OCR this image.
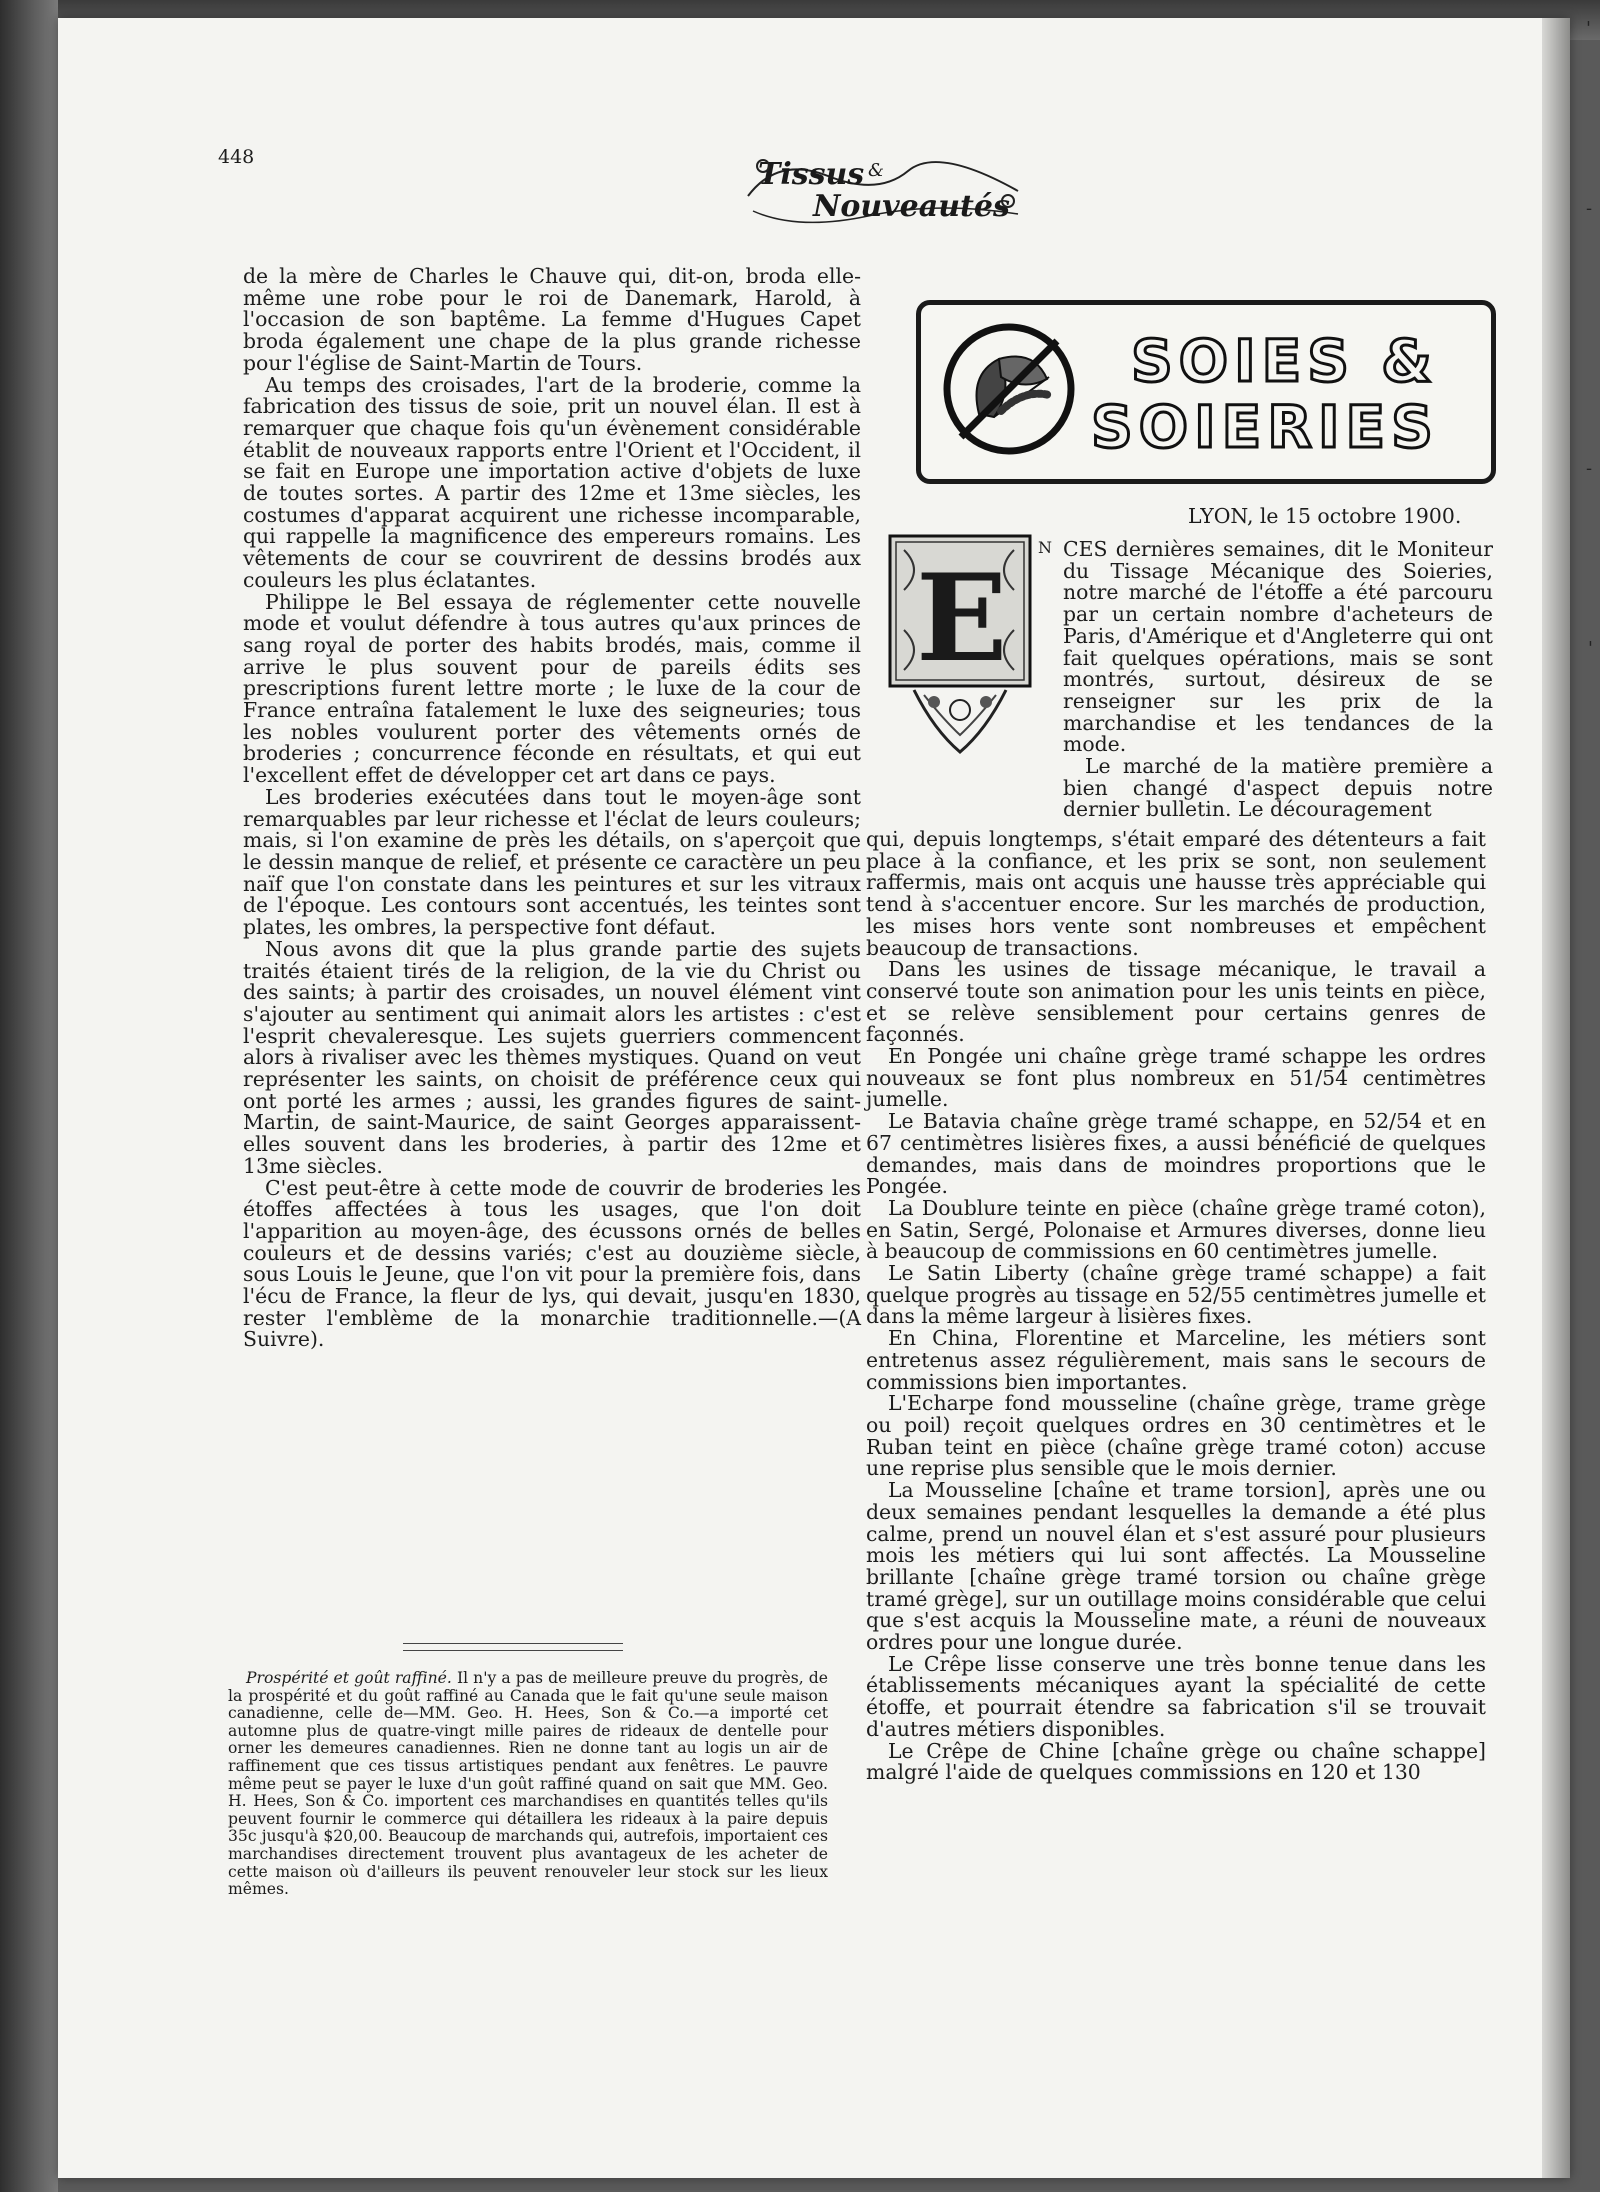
448	Tissus &
Nouveautés

de la mère de Charles le Chauve qui, dit-on, broda elle-même une robe pour le roi de Danemark, Harold, à l'occasion de son baptême. La femme d'Hugues Capet broda également une chape de la plus grande richesse pour l'église de Saint-Martin de Tours.

Au temps des croisades, l'art de la broderie, comme la fabrication des tissus de soie, prit un nouvel élan. Il est à remarquer que chaque fois qu'un évènement considérable établit de nouveaux rapports entre l'Orient et l'Occident, il se fait en Europe une importation active d'objets de luxe de toutes sortes. A partir des 12me et 13me siècles, les costumes d'apparat acquirent une richesse incomparable, qui rappelle la magnificence des empereurs romains. Les vêtements de cour se couvrirent de dessins brodés aux couleurs les plus éclatantes.

Philippe le Bel essaya de réglementer cette nouvelle mode et voulut défendre à tous autres qu'aux princes de sang royal de porter des habits brodés, mais, comme il arrive le plus souvent pour de pareils édits ses prescriptions furent lettre morte ; le luxe de la cour de France entraîna fatalement le luxe des seigneuries; tous les nobles voulurent porter des vêtements ornés de broderies ; concurrence féconde en résultats, et qui eut l'excellent effet de développer cet art dans ce pays.

Les broderies exécutées dans tout le moyen-âge sont remarquables par leur richesse et l'éclat de leurs couleurs; mais, si l'on examine de près les détails, on s'aperçoit que le dessin manque de relief, et présente ce caractère un peu naïf que l'on constate dans les peintures et sur les vitraux de l'époque. Les contours sont accentués, les teintes sont plates, les ombres, la perspective font défaut.

Nous avons dit que la plus grande partie des sujets traités étaient tirés de la religion, de la vie du Christ ou des saints; à partir des croisades, un nouvel élément vint s'ajouter au sentiment qui animait alors les artistes : c'est l'esprit chevaleresque. Les sujets guerriers commencent alors à rivaliser avec les thèmes mystiques. Quand on veut représenter les saints, on choisit de préférence ceux qui ont porté les armes ; aussi, les grandes figures de saint-Martin, de saint-Maurice, de saint Georges apparaissent-elles souvent dans les broderies, à partir des 12me et 13me siècles.

C'est peut-être à cette mode de couvrir de broderies les étoffes affectées à tous les usages, que l'on doit l'apparition au moyen-âge, des écussons ornés de belles couleurs et de dessins variés; c'est au douzième siècle, sous Louis le Jeune, que l'on vit pour la première fois, dans l'écu de France, la fleur de lys, qui devait, jusqu'en 1830, rester l'emblème de la monarchie traditionnelle.—(A Suivre).

Prospérité et goût raffiné. Il n'y a pas de meilleure preuve du progrès, de la prospérité et du goût raffiné au Canada que le fait qu'une seule maison canadienne, celle de—MM. Geo. H. Hees, Son & Co.—a importé cet automne plus de quatre-vingt mille paires de rideaux de dentelle pour orner les demeures canadiennes. Rien ne donne tant au logis un air de raffinement que ces tissus artistiques pendant aux fenêtres. Le pauvre même peut se payer le luxe d'un goût raffiné quand on sait que MM. Geo. H. Hees, Son & Co. importent ces marchandises en quantités telles qu'ils peuvent fournir le commerce qui détaillera les rideaux à la paire depuis 35c jusqu'à $20,00. Beaucoup de marchands qui, autrefois, importaient ces marchandises directement trouvent plus avantageux de les acheter de cette maison où d'ailleurs ils peuvent renouveler leur stock sur les lieux mêmes.

SOIES &
SOIERIES
LYON, le 15 octobre 1900.
E
N CES dernières semaines, dit le Moniteur du Tissage Mécanique des Soieries, notre marché de l'étoffe a été parcouru par un certain nombre d'acheteurs de Paris, d'Amérique et d'Angleterre qui ont fait quelques opérations, mais se sont montrés, surtout, désireux de se renseigner sur les prix de la marchandise et les tendances de la mode.

Le marché de la matière première a bien changé d'aspect depuis notre dernier bulletin. Le découragement

qui, depuis longtemps, s'était emparé des détenteurs a fait place à la confiance, et les prix se sont, non seulement raffermis, mais ont acquis une hausse très appréciable qui tend à s'accentuer encore. Sur les marchés de production, les mises hors vente sont nombreuses et empêchent beaucoup de transactions.

Dans les usines de tissage mécanique, le travail a conservé toute son animation pour les unis teints en pièce, et se relève sensiblement pour certains genres de façonnés.

En Pongée uni chaîne grège tramé schappe les ordres nouveaux se font plus nombreux en 51/54 centimètres jumelle.

Le Batavia chaîne grège tramé schappe, en 52/54 et en 67 centimètres lisières fixes, a aussi bénéficié de quelques demandes, mais dans de moindres proportions que le Pongée.

La Doublure teinte en pièce (chaîne grège tramé coton), en Satin, Sergé, Polonaise et Armures diverses, donne lieu à beaucoup de commissions en 60 centimètres jumelle.

Le Satin Liberty (chaîne grège tramé schappe) a fait quelque progrès au tissage en 52/55 centimètres jumelle et dans la même largeur à lisières fixes.

En China, Florentine et Marceline, les métiers sont entretenus assez régulièrement, mais sans le secours de commissions bien importantes.

L'Echarpe fond mousseline (chaîne grège, trame grège ou poil) reçoit quelques ordres en 30 centimètres et le Ruban teint en pièce (chaîne grège tramé coton) accuse une reprise plus sensible que le mois dernier.

La Mousseline [chaîne et trame torsion], après une ou deux semaines pendant lesquelles la demande a été plus calme, prend un nouvel élan et s'est assuré pour plusieurs mois les métiers qui lui sont affectés. La Mousseline brillante [chaîne grège tramé torsion ou chaîne grège tramé grège], sur un outillage moins considérable que celui que s'est acquis la Mousseline mate, a réuni de nouveaux ordres pour une longue durée.

Le Crêpe lisse conserve une très bonne tenue dans les établissements mécaniques ayant la spécialité de cette étoffe, et pourrait étendre sa fabrication s'il se trouvait d'autres métiers disponibles.

Le Crêpe de Chine [chaîne grège ou chaîne schappe] malgré l'aide de quelques commissions en 120 et 130

'
-
-
'
